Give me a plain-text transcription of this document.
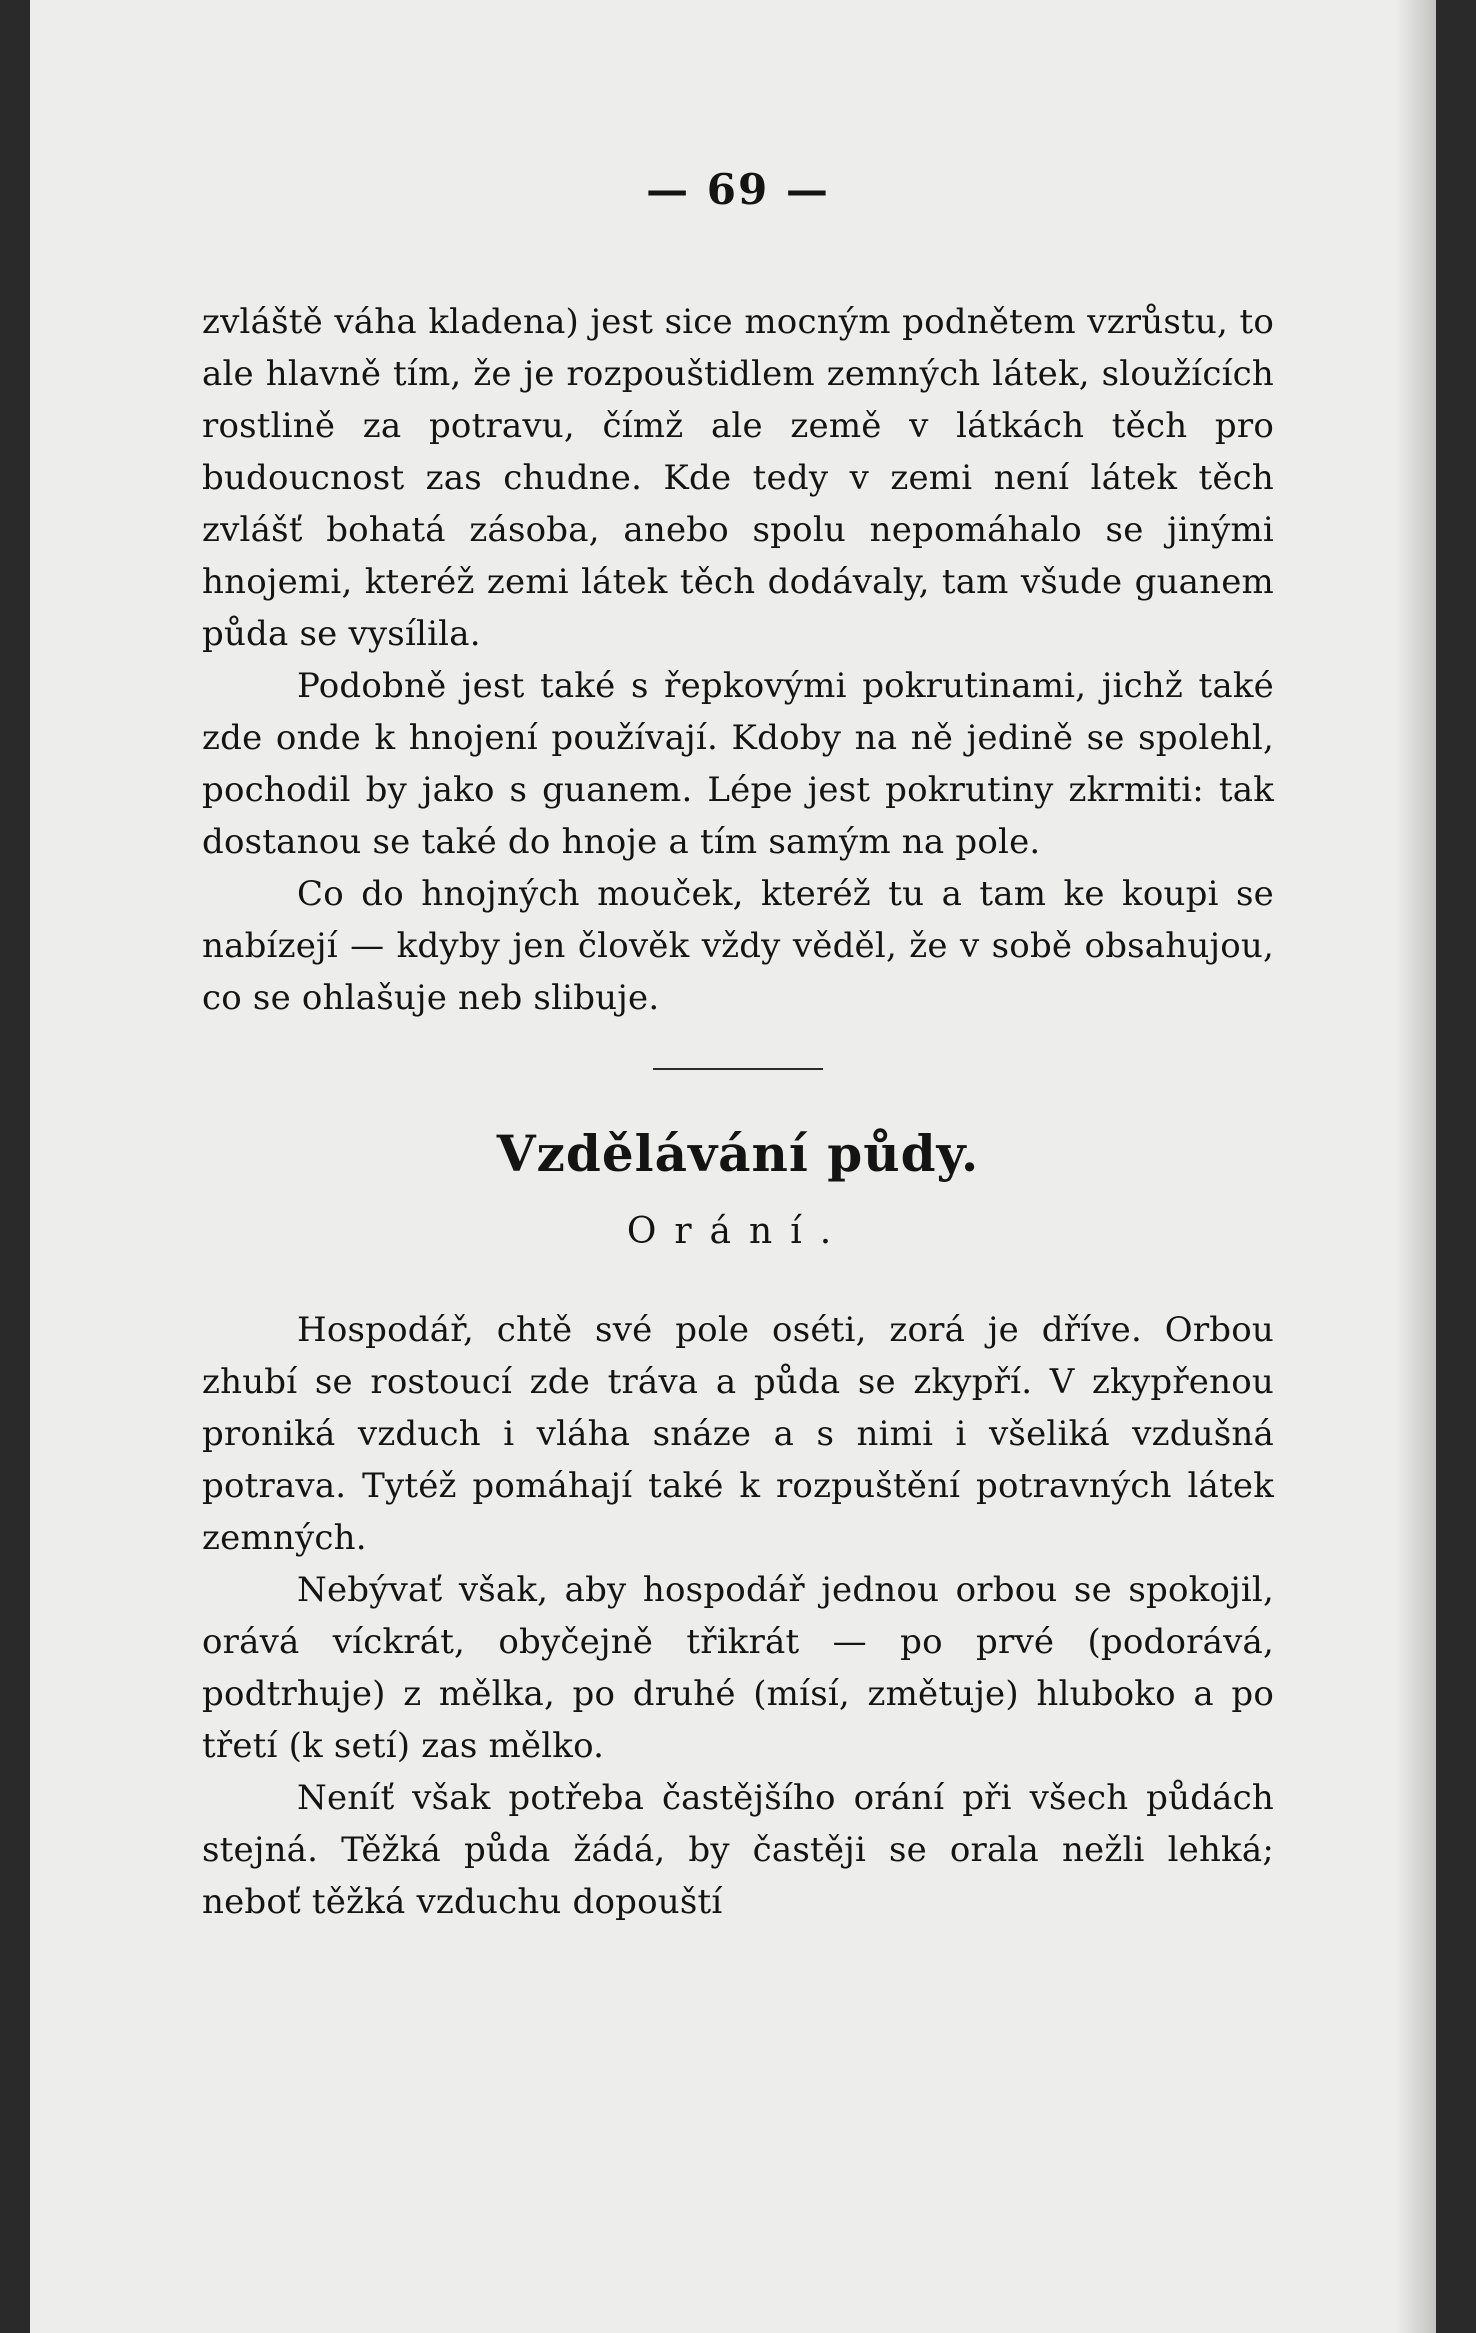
— 69 —

zvláště váha kladena) jest sice mocným podnětem vzrůstu, to ale hlavně tím, že je rozpouštidlem zemných látek, sloužících rostlině za potravu, čímž ale země v látkách těch pro budoucnost zas chudne. Kde tedy v zemi není látek těch zvlášť bohatá zásoba, anebo spolu nepomáhalo se jinými hnojemi, kteréž zemi látek těch dodávaly, tam všude guanem půda se vysílila.

Podobně jest také s řepkovými pokrutinami, jichž také zde onde k hnojení používají. Kdoby na ně jedině se spolehl, pochodil by jako s guanem. Lépe jest pokrutiny zkrmiti: tak dostanou se také do hnoje a tím samým na pole.

Co do hnojných mouček, kteréž tu a tam ke koupi se nabízejí — kdyby jen člověk vždy věděl, že v sobě obsahujou, co se ohlašuje neb slibuje.

Vzdělávání půdy.
Orání.

Hospodář, chtě své pole oséti, zorá je dříve. Orbou zhubí se rostoucí zde tráva a půda se zkypří. V zkypřenou proniká vzduch i vláha snáze a s nimi i všeliká vzdušná potrava. Tytéž pomáhají také k rozpuštění potravných látek zemných.

Nebývať však, aby hospodář jednou orbou se spokojil, orává víckrát, obyčejně třikrát — po prvé (podorává, podtrhuje) z mělka, po druhé (mísí, změtuje) hluboko a po třetí (k setí) zas mělko.

Neníť však potřeba častějšího orání při všech půdách stejná. Těžká půda žádá, by častěji se orala nežli lehká; neboť těžká vzduchu dopouští
